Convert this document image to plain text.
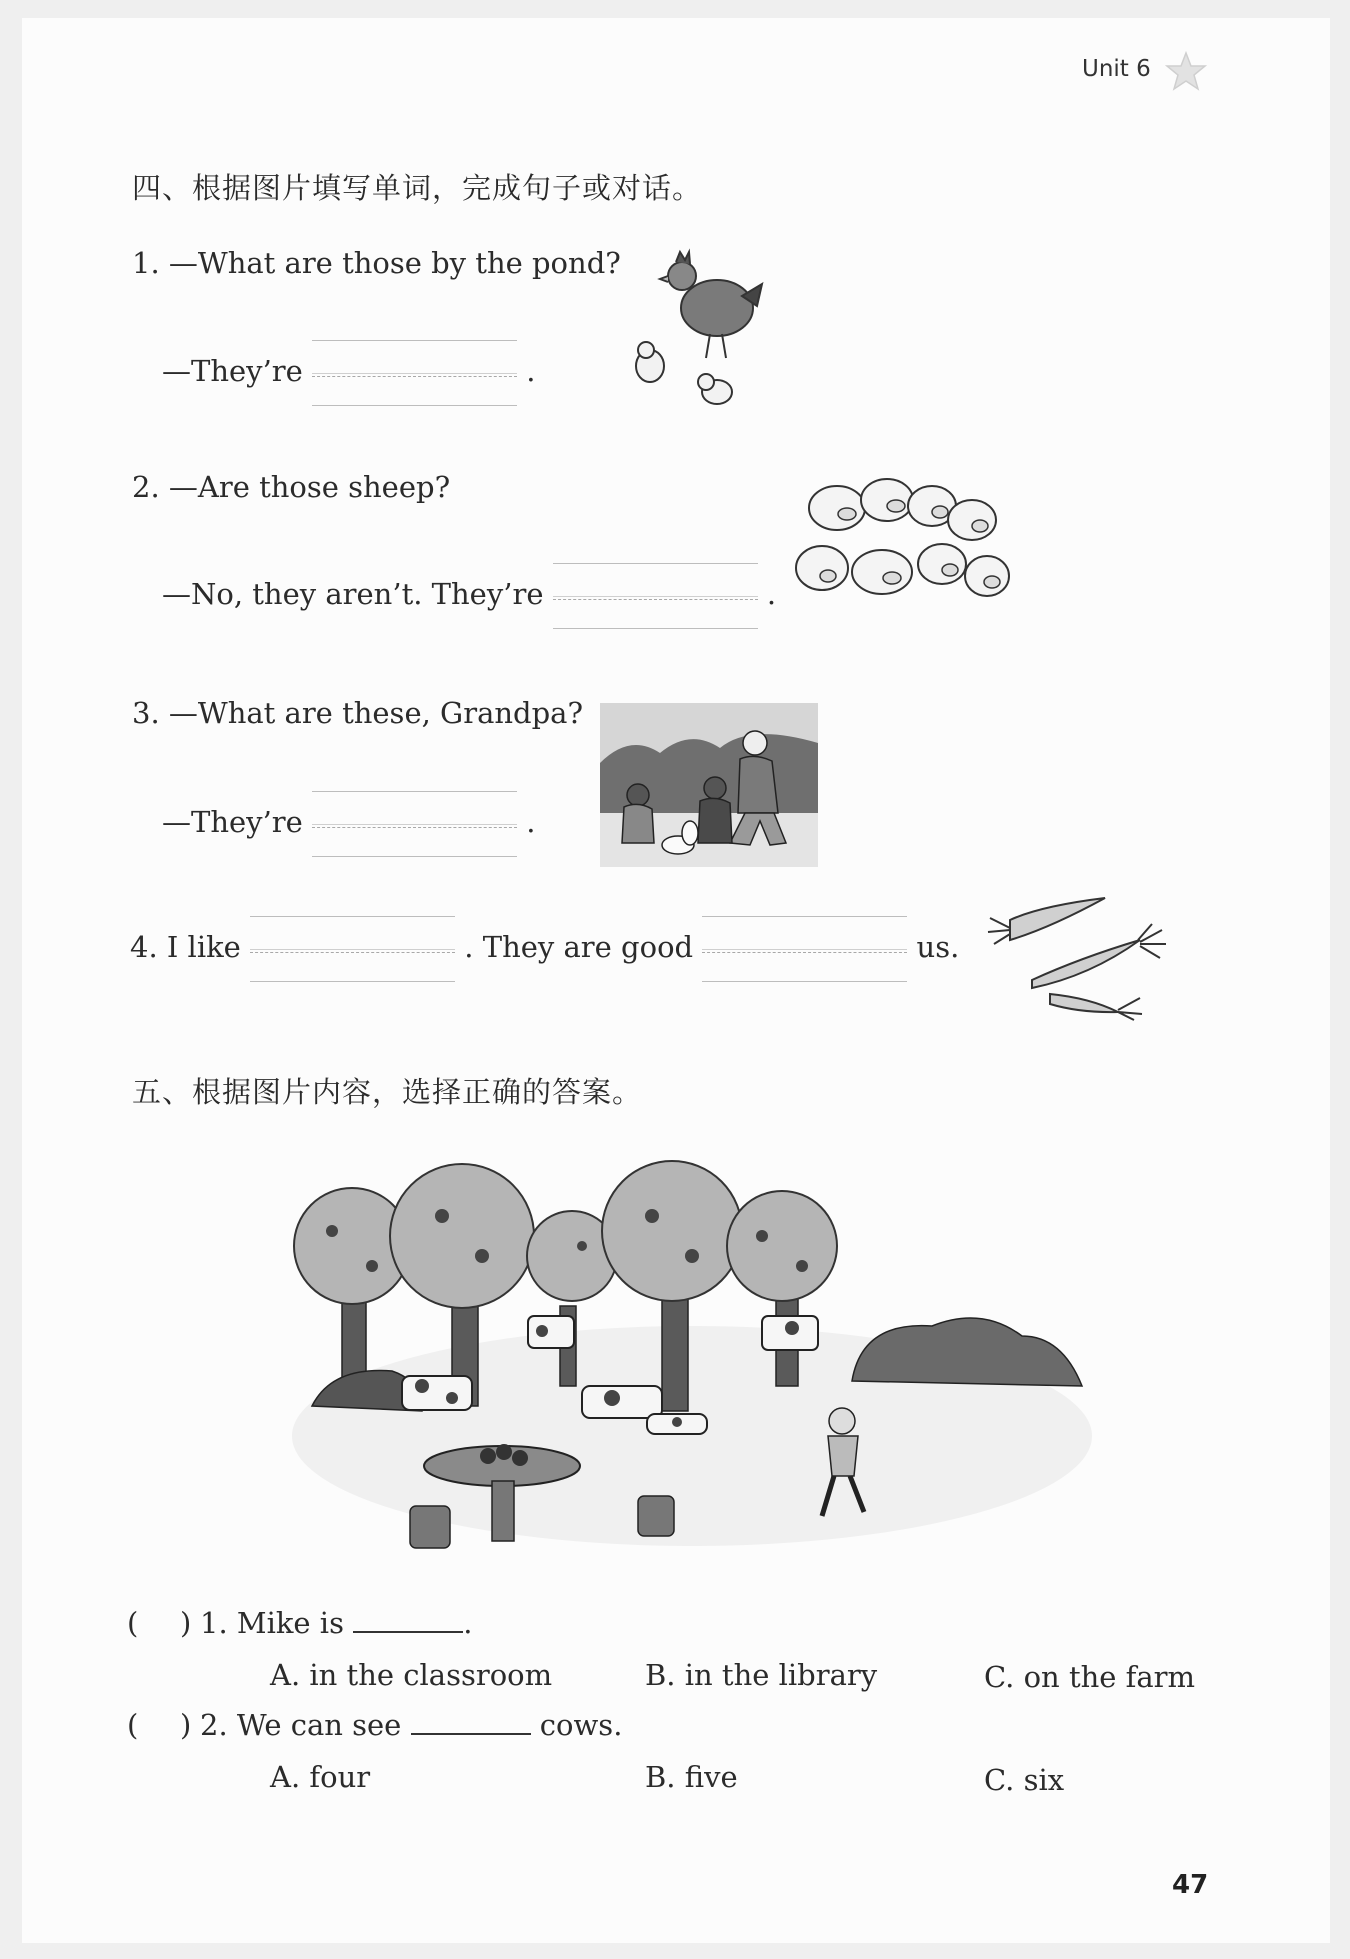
Unit 6
四、根据图片填写单词，完成句子或对话。
1. —What are those by the pond?
—They’re	.
2. —Are those sheep?
—No, they aren’t. They’re	.
3. —What are these, Grandpa?
—They’re	.
4. I like	. They are good	us.
五、根据图片内容，选择正确的答案。
( ) 1. Mike is	.
A. in the classroom	B. in the library	C. on the farm
( ) 2. We can see	cows.
A. four	B. five	C. six
47
